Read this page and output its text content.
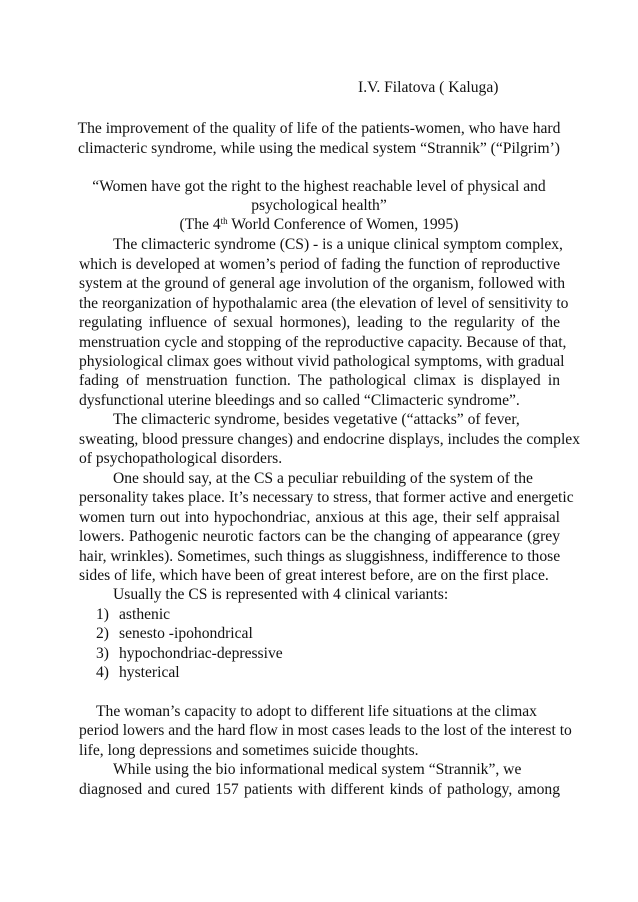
I.V. Filatova ( Kaluga)
The improvement of the quality of life of the patients-women, who have hard
climacteric syndrome, while using the medical system “Strannik” (“Pilgrim’)
“Women have got the right to the highest reachable level of physical and
psychological health”
(The 4th World Conference of Women, 1995)
The climacteric syndrome (CS) - is a unique clinical symptom complex,
which is developed at women’s period of fading the function of reproductive
system at the ground of general age involution of the organism, followed with
the reorganization of hypothalamic area (the elevation of level of sensitivity to
regulating influence of sexual hormones), leading to the regularity of the
menstruation cycle and stopping of the reproductive capacity. Because of that,
physiological climax goes without vivid pathological symptoms, with gradual
fading of menstruation function. The pathological climax is displayed in
dysfunctional uterine bleedings and so called “Climacteric syndrome”.
The climacteric syndrome, besides vegetative (“attacks” of fever,
sweating, blood pressure changes) and endocrine displays, includes the complex
of psychopathological disorders.
One should say, at the CS a peculiar rebuilding of the system of the
personality takes place. It’s necessary to stress, that former active and energetic
women turn out into hypochondriac, anxious at this age, their self appraisal
lowers. Pathogenic neurotic factors can be the changing of appearance (grey
hair, wrinkles). Sometimes, such things as sluggishness, indifference to those
sides of life, which have been of great interest before, are on the first place.
Usually the CS is represented with 4 clinical variants:
1) asthenic
2) senesto -ipohondrical
3) hypochondriac-depressive
4) hysterical
The woman’s capacity to adopt to different life situations at the climax
period lowers and the hard flow in most cases leads to the lost of the interest to
life, long depressions and sometimes suicide thoughts.
While using the bio informational medical system “Strannik”, we
diagnosed and cured 157 patients with different kinds of pathology, among
